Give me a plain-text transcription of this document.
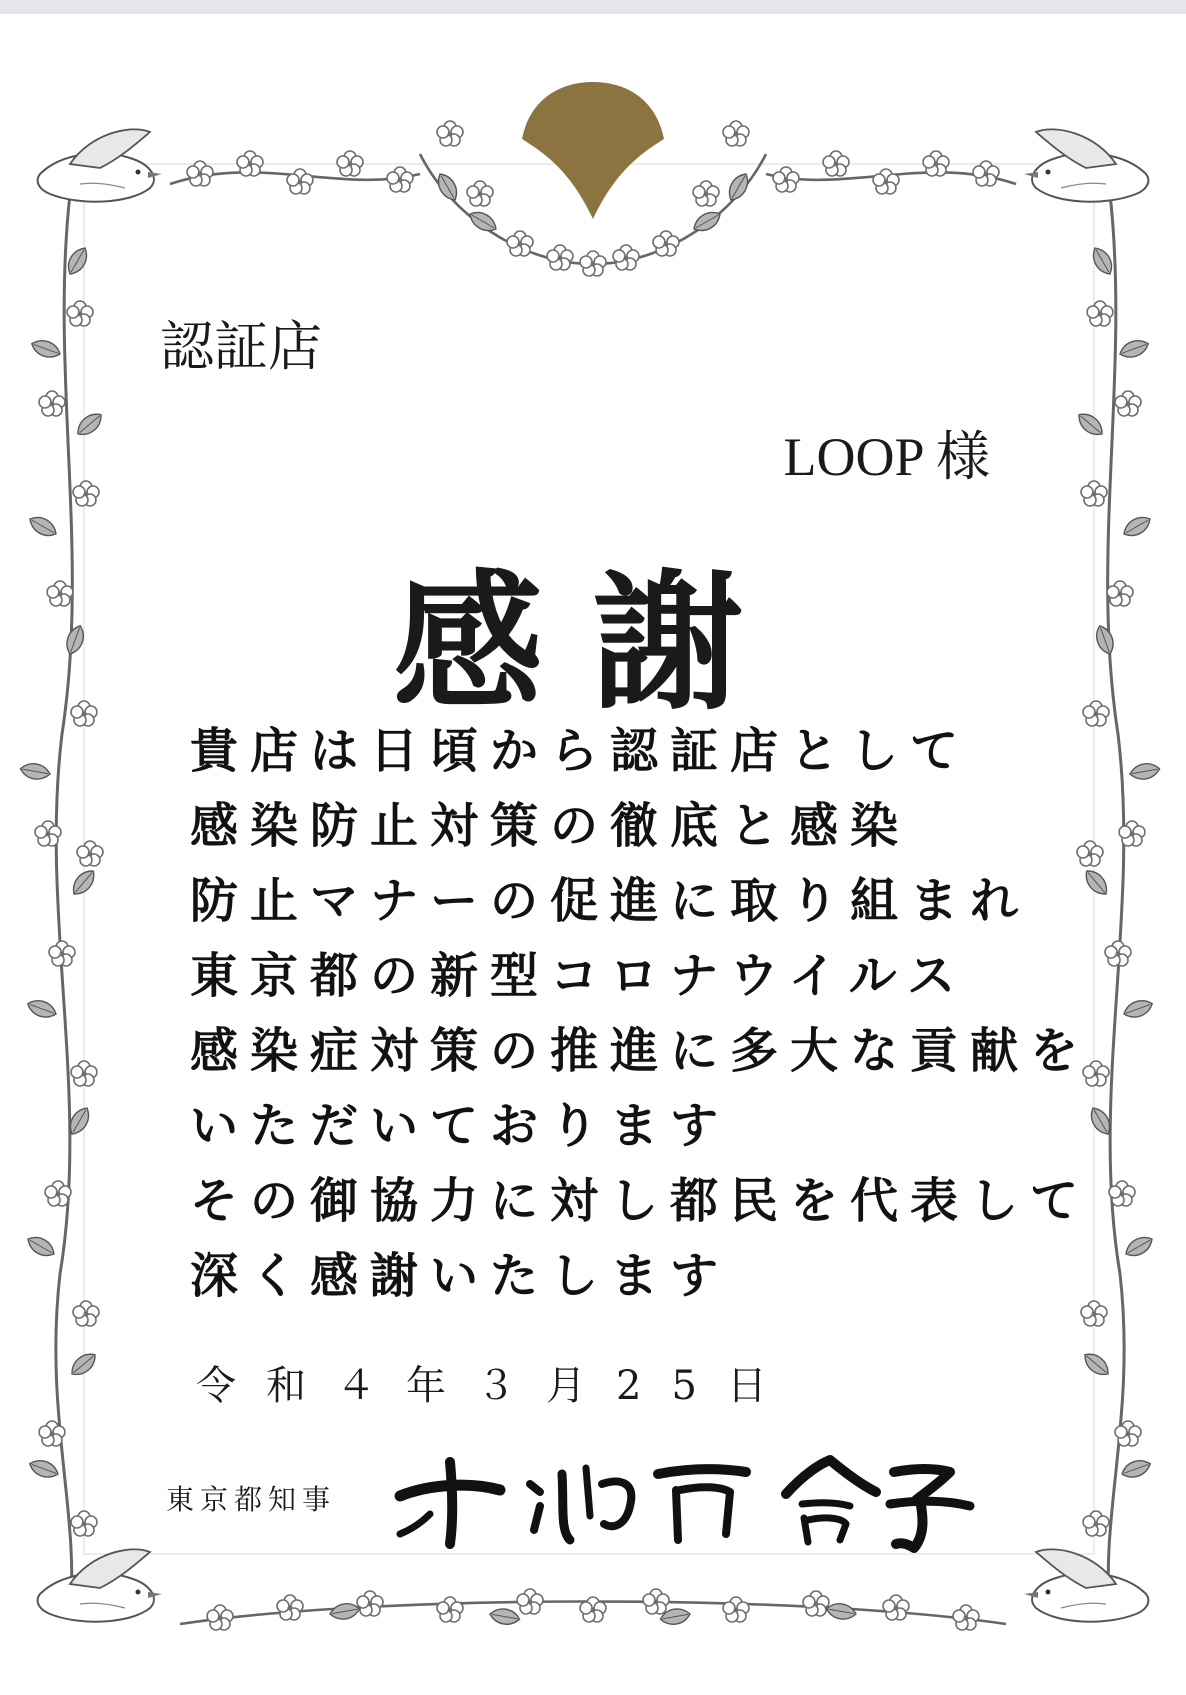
認証店
LOOP 様
感謝
貴店は日頃から認証店として
感染防止対策の徹底と感染
防止マナーの促進に取り組まれ
東京都の新型コロナウイルス
感染症対策の推進に多大な貢献を
いただいております
その御協力に対し都民を代表して
深く感謝いたします
令和４年３月25日
東京都知事
